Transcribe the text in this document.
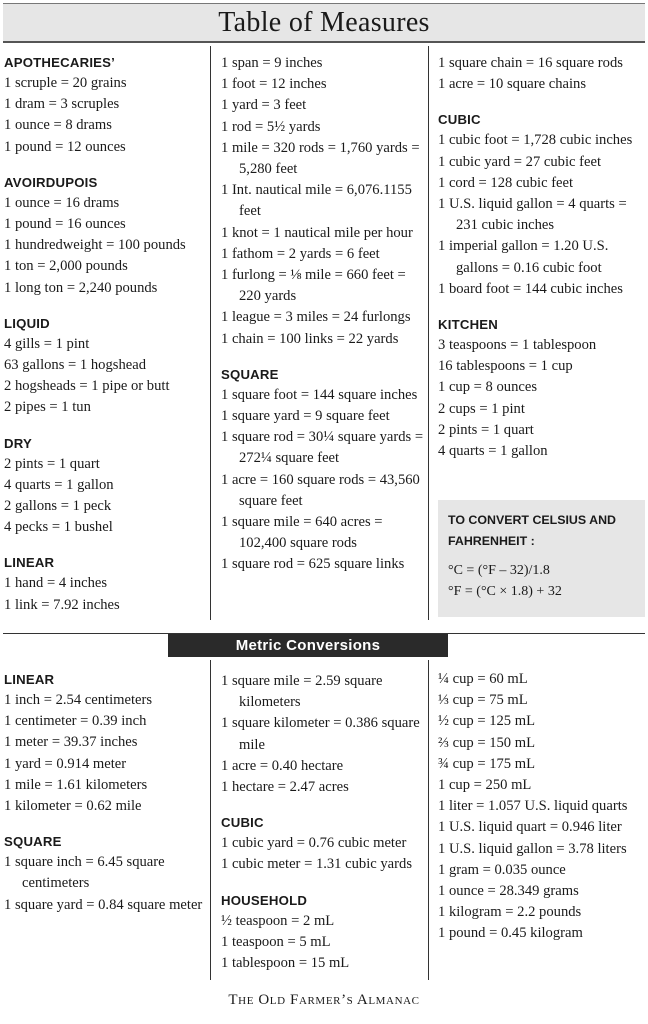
Table of Measures
APOTHECARIES’
1 scruple = 20 grains
1 dram = 3 scruples
1 ounce = 8 drams
1 pound = 12 ounces
AVOIRDUPOIS
1 ounce = 16 drams
1 pound = 16 ounces
1 hundredweight = 100 pounds
1 ton = 2,000 pounds
1 long ton = 2,240 pounds
LIQUID
4 gills = 1 pint
63 gallons = 1 hogshead
2 hogsheads = 1 pipe or butt
2 pipes = 1 tun
DRY
2 pints = 1 quart
4 quarts = 1 gallon
2 gallons = 1 peck
4 pecks = 1 bushel
LINEAR
1 hand = 4 inches
1 link = 7.92 inches
1 span = 9 inches
1 foot = 12 inches
1 yard = 3 feet
1 rod = 5½ yards
1 mile = 320 rods = 1,760 yards = 5,280 feet
1 Int. nautical mile = 6,076.1155 feet
1 knot = 1 nautical mile per hour
1 fathom = 2 yards = 6 feet
1 furlong = ⅛ mile = 660 feet = 220 yards
1 league = 3 miles = 24 furlongs
1 chain = 100 links = 22 yards
SQUARE
1 square foot = 144 square inches
1 square yard = 9 square feet
1 square rod = 30¼ square yards = 272¼ square feet
1 acre = 160 square rods = 43,560 square feet
1 square mile = 640 acres = 102,400 square rods
1 square rod = 625 square links
1 square chain = 16 square rods
1 acre = 10 square chains
CUBIC
1 cubic foot = 1,728 cubic inches
1 cubic yard = 27 cubic feet
1 cord = 128 cubic feet
1 U.S. liquid gallon = 4 quarts = 231 cubic inches
1 imperial gallon = 1.20 U.S. gallons = 0.16 cubic foot
1 board foot = 144 cubic inches
KITCHEN
3 teaspoons = 1 tablespoon
16 tablespoons = 1 cup
1 cup = 8 ounces
2 cups = 1 pint
2 pints = 1 quart
4 quarts = 1 gallon
TO CONVERT CELSIUS AND FAHRENHEIT :
°C = (°F – 32)/1.8
°F = (°C × 1.8) + 32
Metric Conversions
LINEAR
1 inch = 2.54 centimeters
1 centimeter = 0.39 inch
1 meter = 39.37 inches
1 yard = 0.914 meter
1 mile = 1.61 kilometers
1 kilometer = 0.62 mile
SQUARE
1 square inch = 6.45 square centimeters
1 square yard = 0.84 square meter
1 square mile = 2.59 square kilometers
1 square kilometer = 0.386 square mile
1 acre = 0.40 hectare
1 hectare = 2.47 acres
CUBIC
1 cubic yard = 0.76 cubic meter
1 cubic meter = 1.31 cubic yards
HOUSEHOLD
½ teaspoon = 2 mL
1 teaspoon = 5 mL
1 tablespoon = 15 mL
¼ cup = 60 mL
⅓ cup = 75 mL
½ cup = 125 mL
⅔ cup = 150 mL
¾ cup = 175 mL
1 cup = 250 mL
1 liter = 1.057 U.S. liquid quarts
1 U.S. liquid quart = 0.946 liter
1 U.S. liquid gallon = 3.78 liters
1 gram = 0.035 ounce
1 ounce = 28.349 grams
1 kilogram = 2.2 pounds
1 pound = 0.45 kilogram
The Old Farmer’s Almanac
